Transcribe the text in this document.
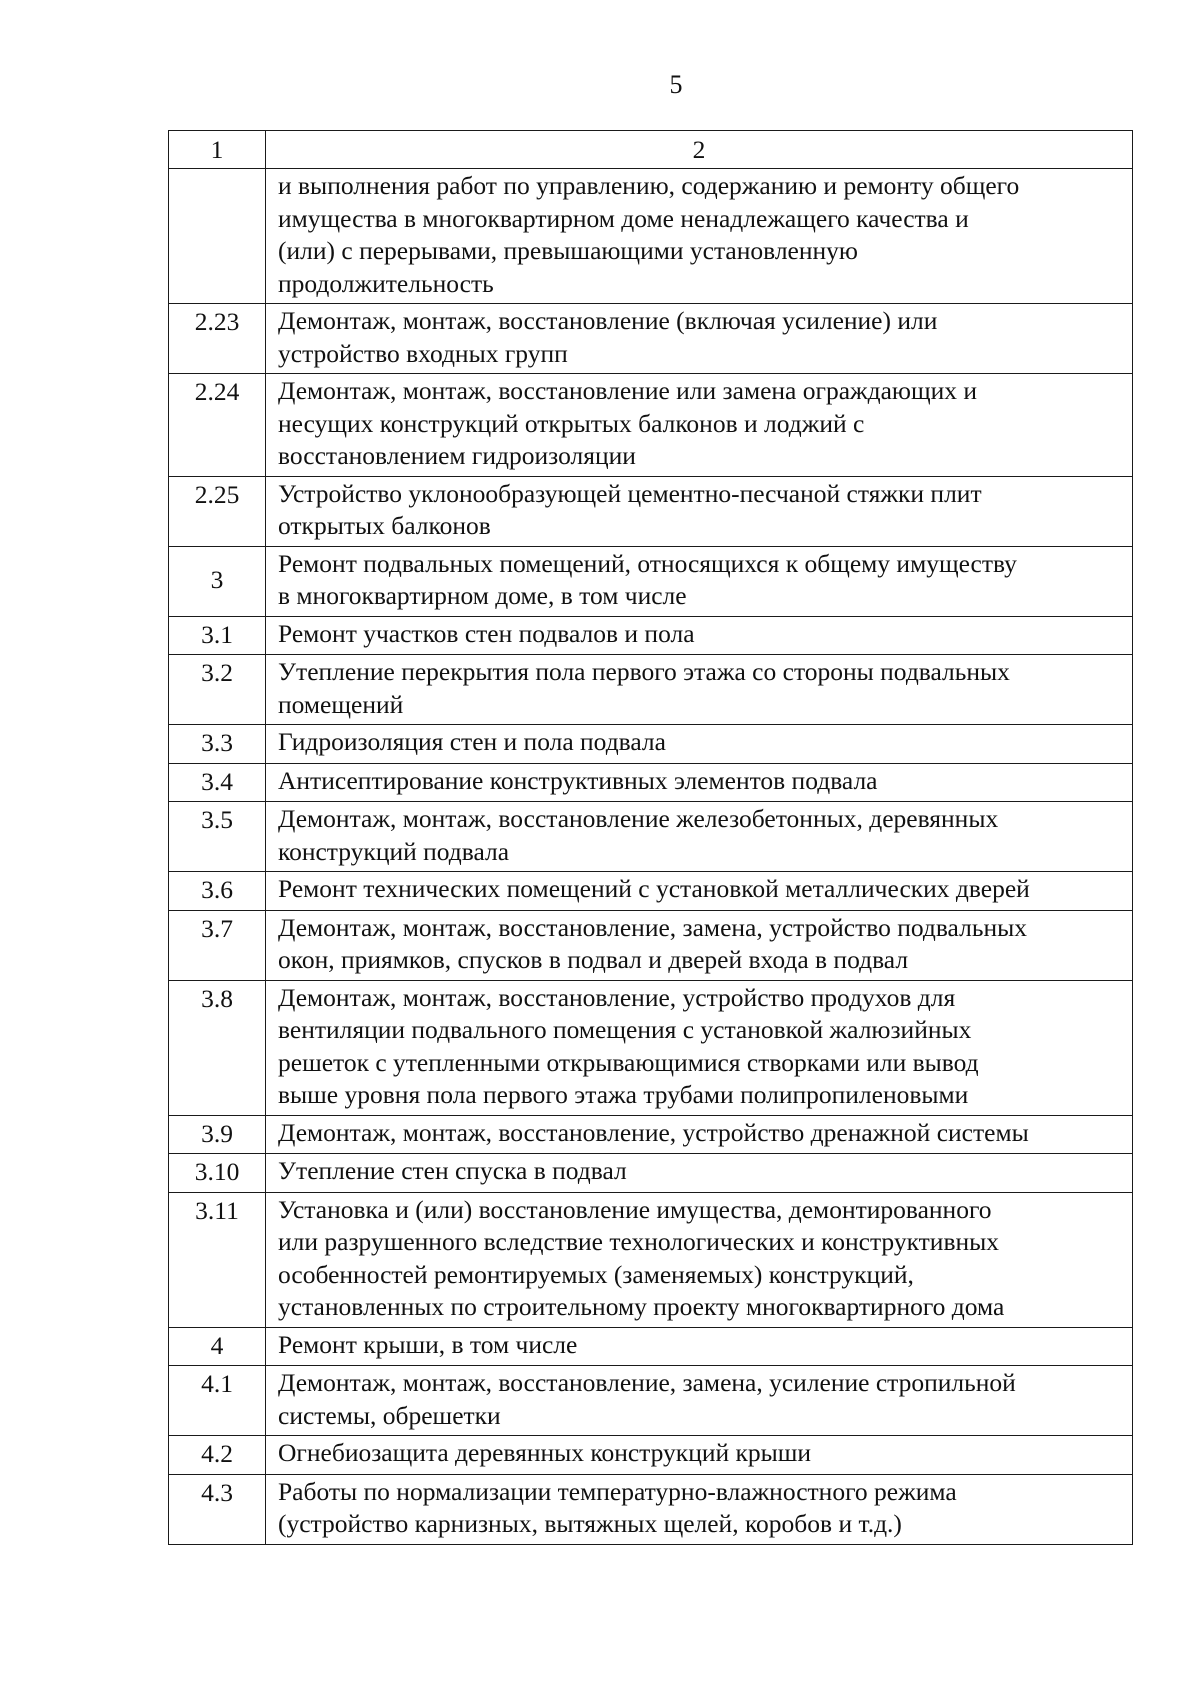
5
1	2
	и выполнения работ по управлению, содержанию и ремонту общего
имущества в многоквартирном доме ненадлежащего качества и
(или) с перерывами, превышающими установленную
продолжительность
2.23	Демонтаж, монтаж, восстановление (включая усиление) или
устройство входных групп
2.24	Демонтаж, монтаж, восстановление или замена ограждающих и
несущих конструкций открытых балконов и лоджий с
восстановлением гидроизоляции
2.25	Устройство уклонообразующей цементно-песчаной стяжки плит
открытых балконов
3	Ремонт подвальных помещений, относящихся к общему имуществу
в многоквартирном доме, в том числе
3.1	Ремонт участков стен подвалов и пола
3.2	Утепление перекрытия пола первого этажа со стороны подвальных
помещений
3.3	Гидроизоляция стен и пола подвала
3.4	Антисептирование конструктивных элементов подвала
3.5	Демонтаж, монтаж, восстановление железобетонных, деревянных
конструкций подвала
3.6	Ремонт технических помещений с установкой металлических дверей
3.7	Демонтаж, монтаж, восстановление, замена, устройство подвальных
окон, приямков, спусков в подвал и дверей входа в подвал
3.8	Демонтаж, монтаж, восстановление, устройство продухов для
вентиляции подвального помещения с установкой жалюзийных
решеток с утепленными открывающимися створками или вывод
выше уровня пола первого этажа трубами полипропиленовыми
3.9	Демонтаж, монтаж, восстановление, устройство дренажной системы
3.10	Утепление стен спуска в подвал
3.11	Установка и (или) восстановление имущества, демонтированного
или разрушенного вследствие технологических и конструктивных
особенностей ремонтируемых (заменяемых) конструкций,
установленных по строительному проекту многоквартирного дома
4	Ремонт крыши, в том числе
4.1	Демонтаж, монтаж, восстановление, замена, усиление стропильной
системы, обрешетки
4.2	Огнебиозащита деревянных конструкций крыши
4.3	Работы по нормализации температурно-влажностного режима
(устройство карнизных, вытяжных щелей, коробов и т.д.)
